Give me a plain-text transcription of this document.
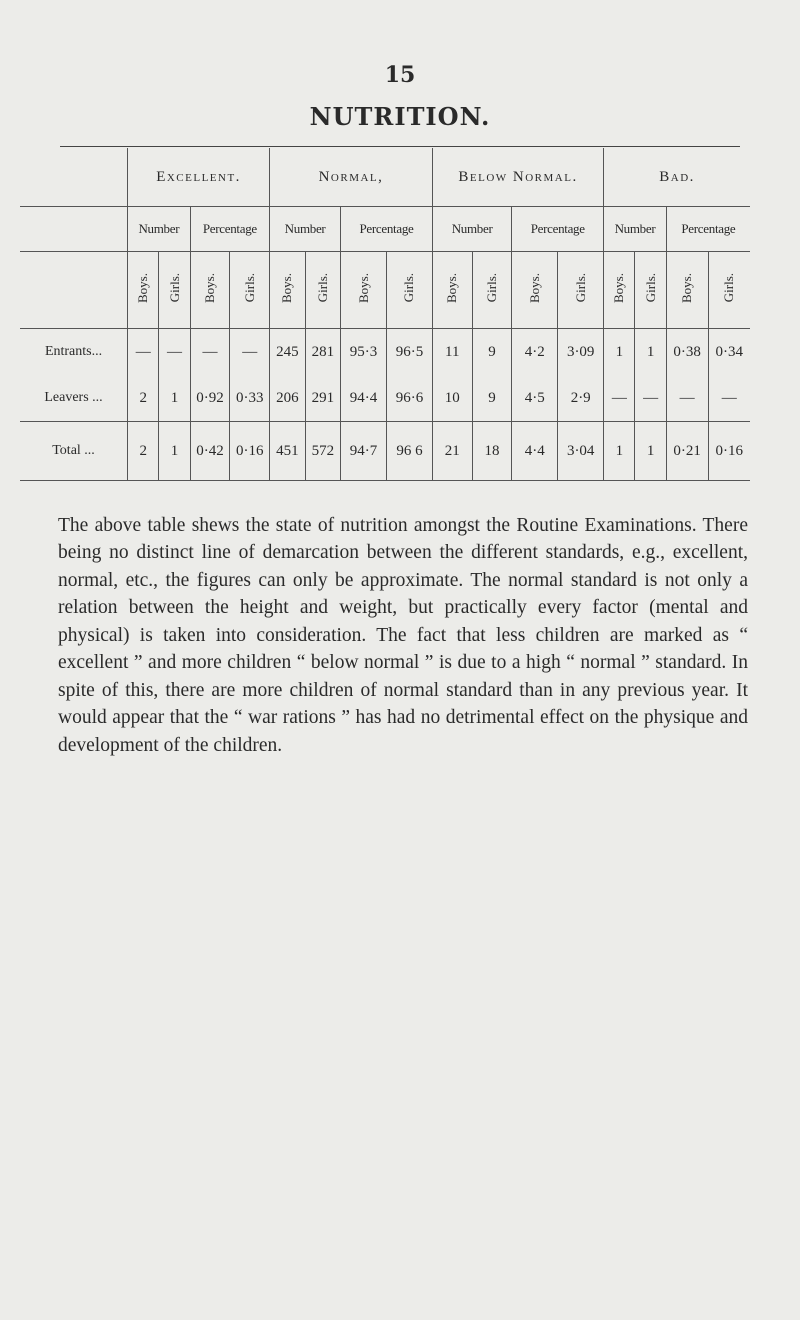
15
NUTRITION.
	Excellent.				Normal,				Below Normal.				Bad.			
	Number		Percentage		Number		Percentage		Number		Percentage		Number		Percentage	
	Boys.	Girls.	Boys.	Girls.	Boys.	Girls.	Boys.	Girls.	Boys.	Girls.	Boys.	Girls.	Boys.	Girls.	Boys.	Girls.
Entrants...	—	—	—	—	245	281	95·3	96·5	11	9	4·2	3·09	1	1	0·38	0·34
Leavers ...	2	1	0·92	0·33	206	291	94·4	96·6	10	9	4·5	2·9	—	—	—	—
Total ...	2	1	0·42	0·16	451	572	94·7	96 6	21	18	4·4	3·04	1	1	0·21	0·16

The above table shews the state of nutrition amongst the Routine Examinations. There being no distinct line of demarcation between the different standards, e.g., excellent, normal, etc., the figures can only be approximate. The normal standard is not only a relation between the height and weight, but practically every factor (mental and physical) is taken into consideration. The fact that less children are marked as “ excellent ” and more children “ below normal ” is due to a high “ normal ” standard. In spite of this, there are more children of normal standard than in any previous year. It would appear that the “ war rations ” has had no detrimental effect on the physique and development of the children.
